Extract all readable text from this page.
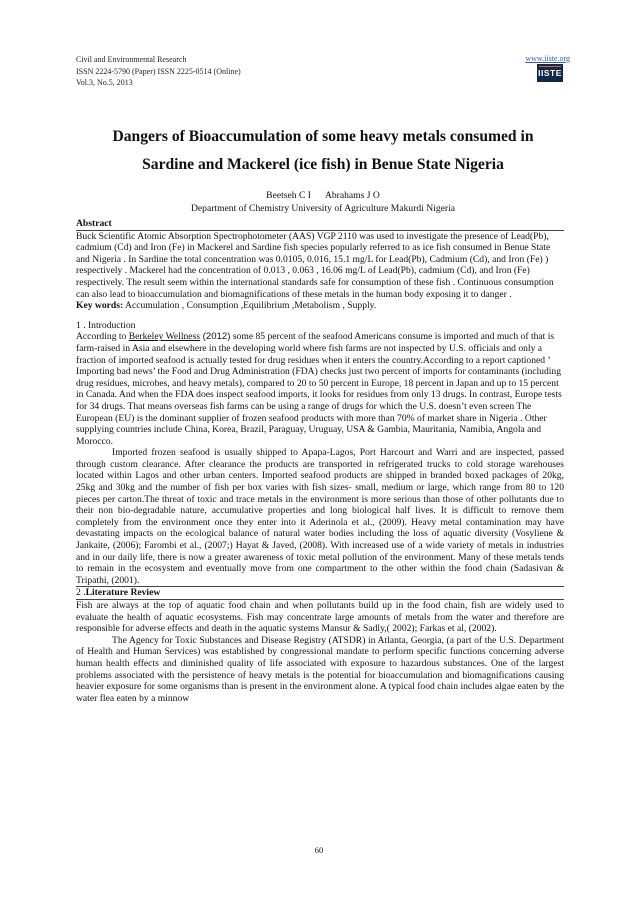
Civil and Environmental Research
ISSN 2224-5790 (Paper) ISSN 2225-0514 (Online)
Vol.3, No.5, 2013
www.iiste.org
IISTE
Dangers of Bioaccumulation of some heavy metals consumed in
Sardine and Mackerel (ice fish) in Benue State Nigeria
Beetseh C I Abrahams J O
Department of Chemistry University of Agriculture Makurdi Nigeria
Abstract

Buck Scientific Atomic Absorption Spectrophotometer (AAS) VGP 2110 was used to investigate the presence of Lead(Pb), cadmium (Cd) and Iron (Fe) in Mackerel and Sardine fish species popularly referred to as ice fish consumed in Benue State and Nigeria . In Sardine the total concentration was 0.0105, 0.016, 15.1 mg/L for Lead(Pb), Cadmium (Cd), and Iron (Fe) ) respectively . Mackerel had the concentration of 0.013 , 0.063 , 16.06 mg/L of Lead(Pb), cadmium (Cd), and Iron (Fe) respectively. The result seem within the international standards safe for consumption of these fish . Continuous consumption can also lead to bioaccumulation and biomagnifications of these metals in the human body exposing it to danger .

Key words: Accumulation , Consumption ,Equilibrium ,Metabolism , Supply.

1 . Introduction

According to Berkeley Wellness (2012) some 85 percent of the seafood Americans consume is imported and much of that is farm-raised in Asia and elsewhere in the developing world where fish farms are not inspected by U.S. officials and only a fraction of imported seafood is actually tested for drug residues when it enters the country.According to a report captioned ’ Importing bad news’ the Food and Drug Administration (FDA) checks just two percent of imports for contaminants (including drug residues, microbes, and heavy metals), compared to 20 to 50 percent in Europe, 18 percent in Japan and up to 15 percent in Canada. And when the FDA does inspect seafood imports, it looks for residues from only 13 drugs. In contrast, Europe tests for 34 drugs. That means overseas fish farms can be using a range of drugs for which the U.S. doesn’t even screen The European (EU) is the dominant supplier of frozen seafood products with more than 70% of market share in Nigeria . Other supplying countries include China, Korea, Brazil, Paraguay, Uruguay, USA & Gambia, Mauritania, Namibia, Angola and Morocco.

Imported frozen seafood is usually shipped to Apapa-Lagos, Port Harcourt and Warri and are inspected, passed through custom clearance. After clearance the products are transported in refrigerated trucks to cold storage warehouses located within Lagos and other urban centers. Imported seafood products are shipped in branded boxed packages of 20kg, 25kg and 30kg and the number of fish per box varies with fish sizes- small, medium or large, which range from 80 to 120 pieces per carton.The threat of toxic and trace metals in the environment is more serious than those of other pollutants due to their non bio-degradable nature, accumulative properties and long biological half lives. It is difficult to remove them completely from the environment once they enter into it Aderinola et al., (2009). Heavy metal contamination may have devastating impacts on the ecological balance of natural water bodies including the loss of aquatic diversity (Vosyliene & Jankaite, (2006); Farombi et al., (2007;) Hayat & Javed, (2008). With increased use of a wide variety of metals in industries and in our daily life, there is now a greater awareness of toxic metal pollution of the environment. Many of these metals tends to remain in the ecosystem and eventually move from one compartment to the other within the food chain (Sadasivan & Tripathi, (2001).

2 .Literature Review

Fish are always at the top of aquatic food chain and when pollutants build up in the food chain, fish are widely used to evaluate the health of aquatic ecosystems. Fish may concentrate large amounts of metals from the water and therefore are responsible for adverse effects and death in the aquatic systems Mansur & Sadly,( 2002); Farkas et al, (2002).

The Agency for Toxic Substances and Disease Registry (ATSDR) in Atlanta, Georgia, (a part of the U.S. Department of Health and Human Services) was established by congressional mandate to perform specific functions concerning adverse human health effects and diminished quality of life associated with exposure to hazardous substances. One of the largest problems associated with the persistence of heavy metals is the potential for bioaccumulation and biomagnifications causing heavier exposure for some organisms than is present in the environment alone. A typical food chain includes algae eaten by the water flea eaten by a minnow

60
